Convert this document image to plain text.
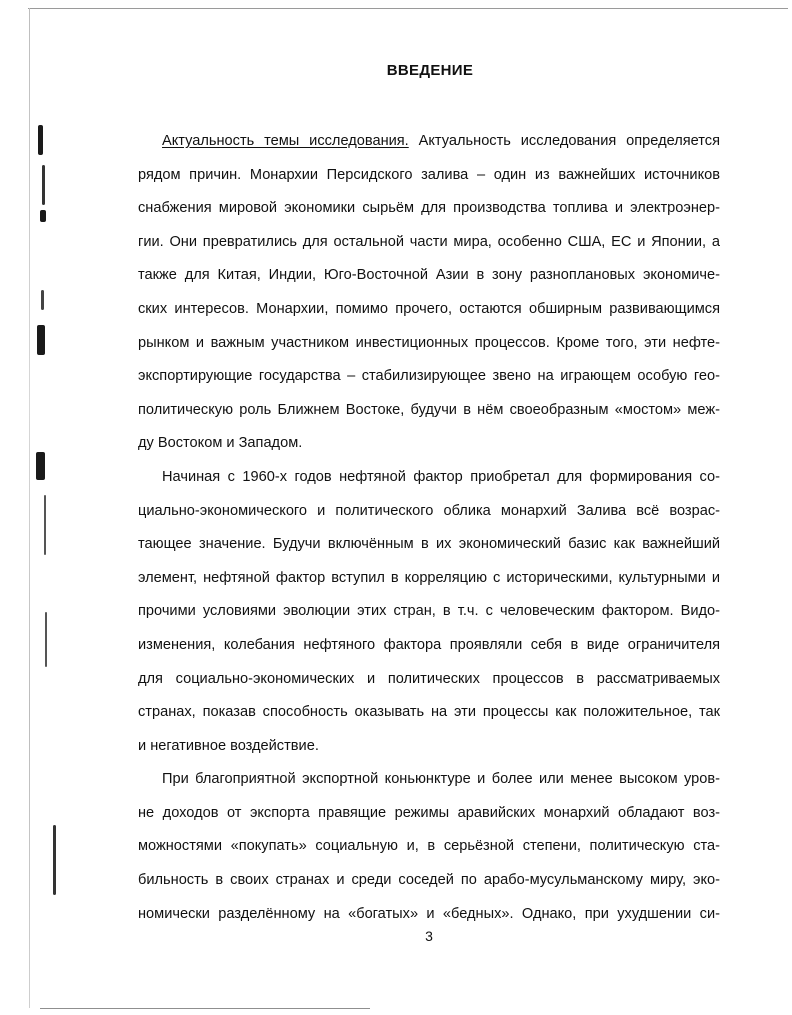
ВВЕДЕНИЕ
Актуальность темы исследования. Актуальность исследования определяется
рядом причин. Монархии Персидского залива – один из важнейших источников
снабжения мировой экономики сырьём для производства топлива и электроэнер-
гии. Они превратились для остальной части мира, особенно США, ЕС и Японии, а
также для Китая, Индии, Юго-Восточной Азии в зону разноплановых экономиче-
ских интересов. Монархии, помимо прочего, остаются обширным развивающимся
рынком и важным участником инвестиционных процессов. Кроме того, эти нефте-
экспортирующие государства – стабилизирующее звено на играющем особую гео-
политическую роль Ближнем Востоке, будучи в нём своеобразным «мостом» меж-
ду Востоком и Западом.
Начиная с 1960-х годов нефтяной фактор приобретал для формирования со-
циально-экономического и политического облика монархий Залива всё возрас-
тающее значение. Будучи включённым в их экономический базис как важнейший
элемент, нефтяной фактор вступил в корреляцию с историческими, культурными и
прочими условиями эволюции этих стран, в т.ч. с человеческим фактором. Видо-
изменения, колебания нефтяного фактора проявляли себя в виде ограничителя
для социально-экономических и политических процессов в рассматриваемых
странах, показав способность оказывать на эти процессы как положительное, так
и негативное воздействие.
При благоприятной экспортной коньюнктуре и более или менее высоком уров-
не доходов от экспорта правящие режимы аравийских монархий обладают воз-
можностями «покупать» социальную и, в серьёзной степени, политическую ста-
бильность в своих странах и среди соседей по арабо-мусульманскому миру, эко-
номически разделённому на «богатых» и «бедных». Однако, при ухудшении си-
3
